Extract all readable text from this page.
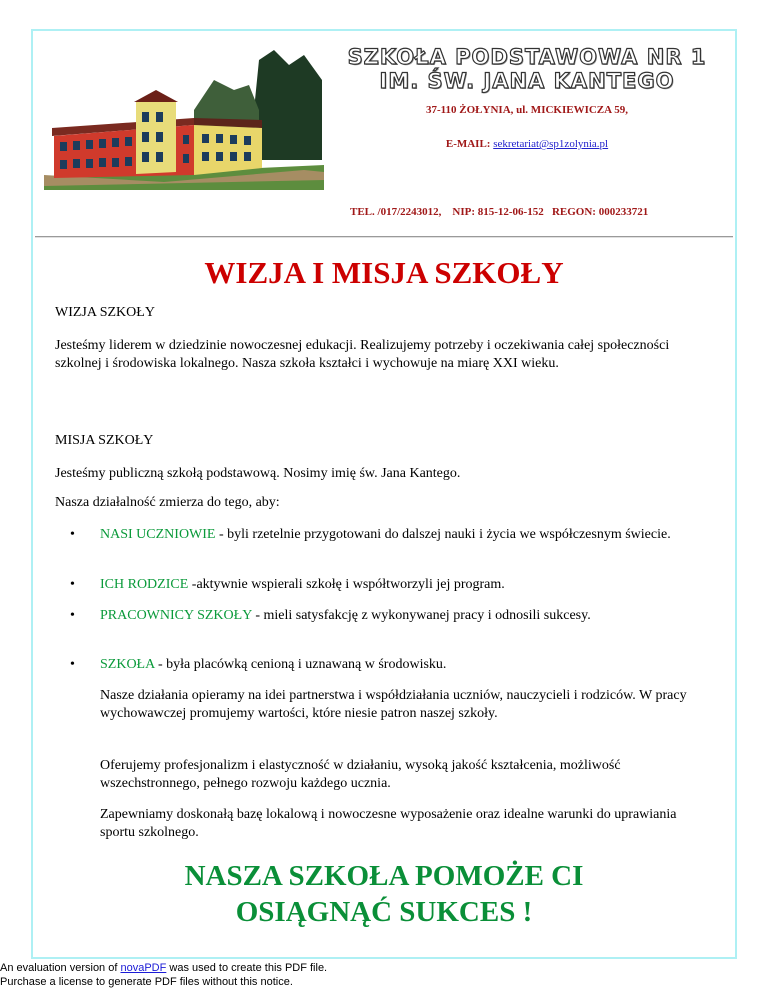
SZKOŁA PODSTAWOWA NR 1
IM. ŚW. JANA KANTEGO
37-110 ŻOŁYNIA, ul. MICKIEWICZA 59,
E-MAIL: sekretariat@sp1zolynia.pl
TEL. /017/2243012, NIP: 815-12-06-152   REGON: 000233721
WIZJA I MISJA SZKOŁY
WIZJA SZKOŁY
Jesteśmy liderem w dziedzinie nowoczesnej edukacji. Realizujemy potrzeby i oczekiwania całej społeczności szkolnej i środowiska lokalnego. Nasza szkoła kształci i wychowuje na miarę XXI wieku.
MISJA SZKOŁY
Jesteśmy publiczną szkołą podstawową. Nosimy imię św. Jana Kantego.
Nasza działalność zmierza do tego, aby:
• NASI UCZNIOWIE - byli rzetelnie przygotowani do dalszej nauki i życia we współczesnym świecie.
• ICH RODZICE -aktywnie wspierali szkołę i współtworzyli jej program.
• PRACOWNICY SZKOŁY - mieli satysfakcję z wykonywanej pracy i odnosili sukcesy.
• SZKOŁA - była placówką cenioną i uznawaną w środowisku.
Nasze działania opieramy na idei partnerstwa i współdziałania uczniów, nauczycieli i rodziców. W pracy wychowawczej promujemy wartości, które niesie patron naszej szkoły.
Oferujemy profesjonalizm i elastyczność w działaniu, wysoką jakość kształcenia, możliwość wszechstronnego, pełnego rozwoju każdego ucznia.
Zapewniamy doskonałą bazę lokalową i nowoczesne wyposażenie oraz idealne warunki do uprawiania sportu szkolnego.
NASZA SZKOŁA POMOŻE CI
OSIĄGNĄĆ SUKCES !
An evaluation version of novaPDF was used to create this PDF file.
Purchase a license to generate PDF files without this notice.
